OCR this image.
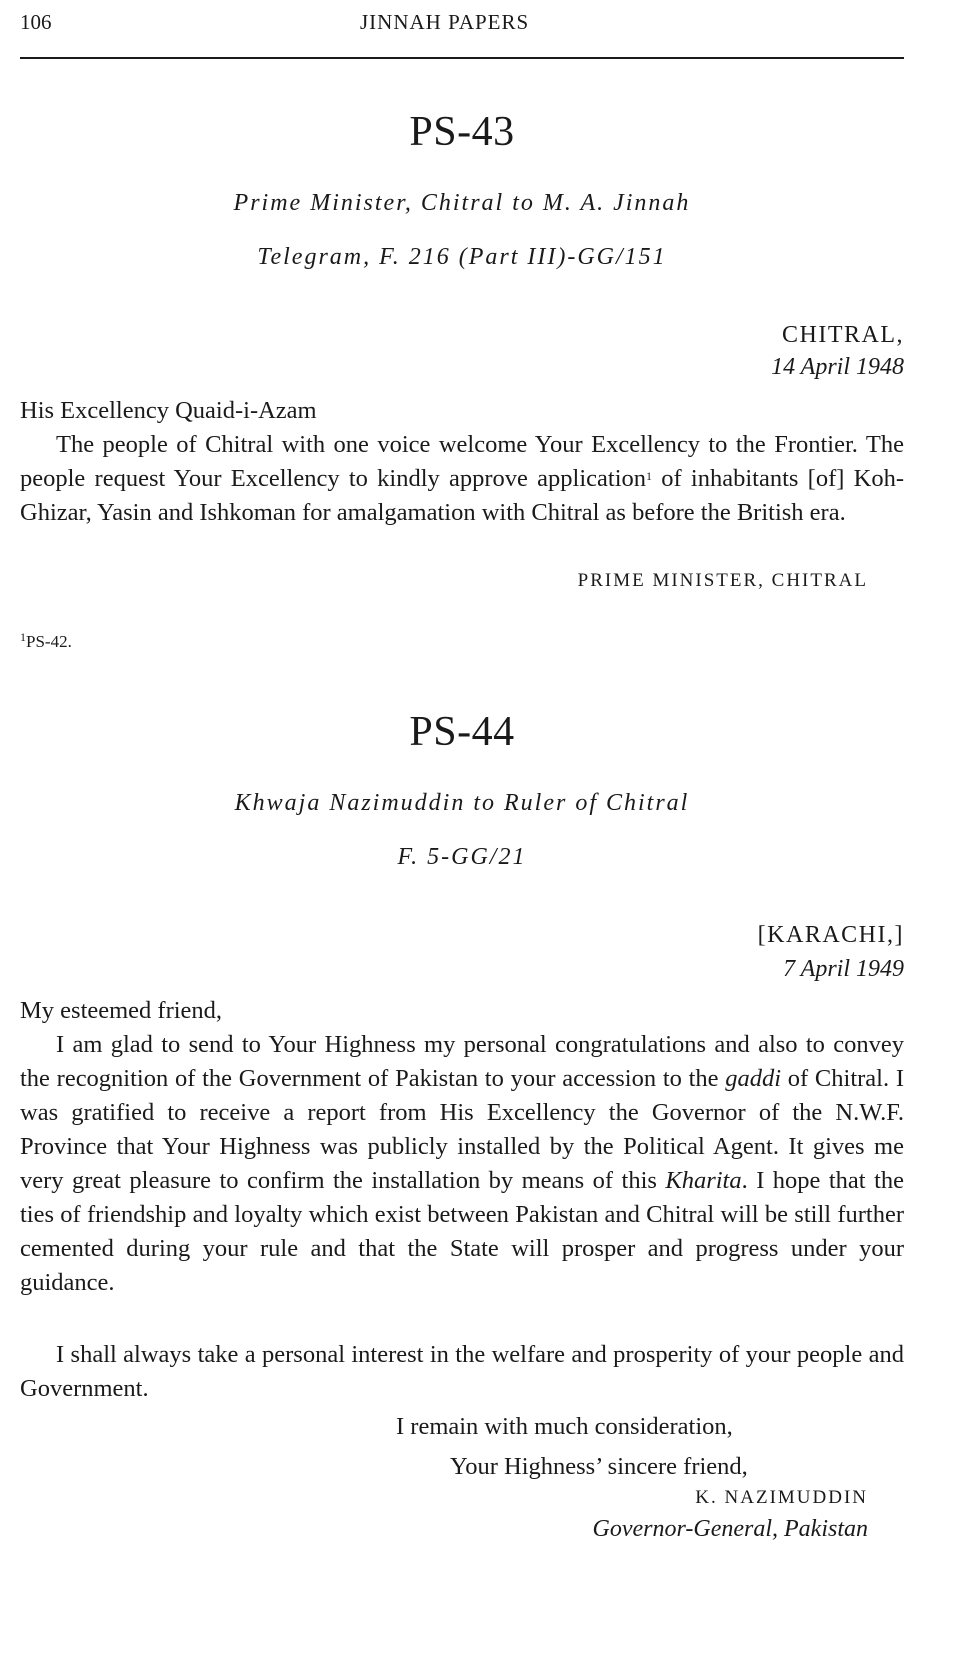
106	JINNAH PAPERS
PS-43
Prime Minister, Chitral to M. A. Jinnah
Telegram, F. 216 (Part III)-GG/151
CHITRAL,
14 April 1948
His Excellency Quaid-i-Azam

The people of Chitral with one voice welcome Your Excellency to the Frontier. The people request Your Excellency to kindly approve application$^1$ of inhabitants [of] Koh-Ghizar, Yasin and Ishkoman for amalgamation with Chitral as before the British era.

PRIME MINISTER, CHITRAL
$^1$PS-42.
PS-44
Khwaja Nazimuddin to Ruler of Chitral
F. 5-GG/21
[KARACHI,]
7 April 1949
My esteemed friend,

I am glad to send to Your Highness my personal congratulations and also to convey the recognition of the Government of Pakistan to your accession to the gaddi of Chitral. I was gratified to receive a report from His Excellency the Governor of the N.W.F. Province that Your Highness was publicly installed by the Political Agent. It gives me very great pleasure to confirm the installation by means of this Kharita. I hope that the ties of friendship and loyalty which exist between Pakistan and Chitral will be still further cemented during your rule and that the State will prosper and progress under your guidance.

I shall always take a personal interest in the welfare and prosperity of your people and Government.

I remain with much consideration,
Your Highness’ sincere friend,
K. NAZIMUDDIN
Governor-General, Pakistan
